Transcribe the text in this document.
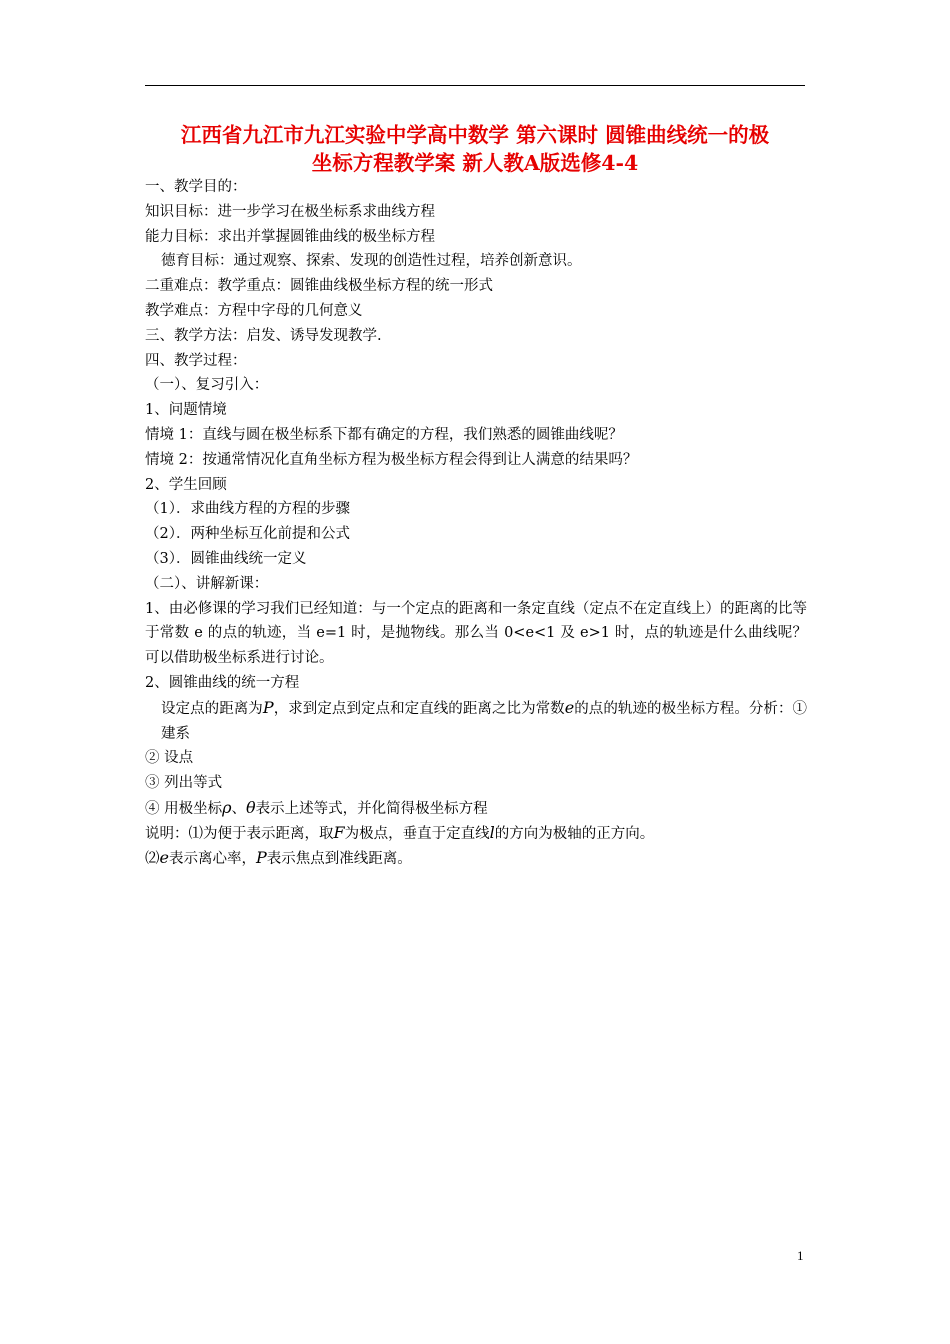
江西省九江市九江实验中学高中数学 第六课时 圆锥曲线统一的极
坐标方程教学案 新人教A版选修4-4
一、教学目的：
知识目标：进一步学习在极坐标系求曲线方程
能力目标：求出并掌握圆锥曲线的极坐标方程
德育目标：通过观察、探索、发现的创造性过程，培养创新意识。
二重难点：教学重点：圆锥曲线极坐标方程的统一形式
教学难点：方程中字母的几何意义
三、教学方法：启发、诱导发现教学.
四、教学过程：
（一）、复习引入：
1、问题情境
情境 1：直线与圆在极坐标系下都有确定的方程，我们熟悉的圆锥曲线呢？
情境 2：按通常情况化直角坐标方程为极坐标方程会得到让人满意的结果吗？
2、学生回顾
（1）．求曲线方程的方程的步骤
（2）．两种坐标互化前提和公式
（3）．圆锥曲线统一定义
（二）、讲解新课：
1、由必修课的学习我们已经知道：与一个定点的距离和一条定直线（定点不在定直线上）的距离的比等于常数 e 的点的轨迹，当 e=1 时，是抛物线。那么当 0<e<1 及 e>1 时，点的轨迹是什么曲线呢？可以借助极坐标系进行讨论。
2、圆锥曲线的统一方程
设定点的距离为P，求到定点到定点和定直线的距离之比为常数e的点的轨迹的极坐标方程。分析：①建系
② 设点
③ 列出等式
④ 用极坐标ρ、θ表示上述等式，并化简得极坐标方程
说明：⑴为便于表示距离，取F为极点，垂直于定直线l的方向为极轴的正方向。
⑵e表示离心率，P表示焦点到准线距离。
1
